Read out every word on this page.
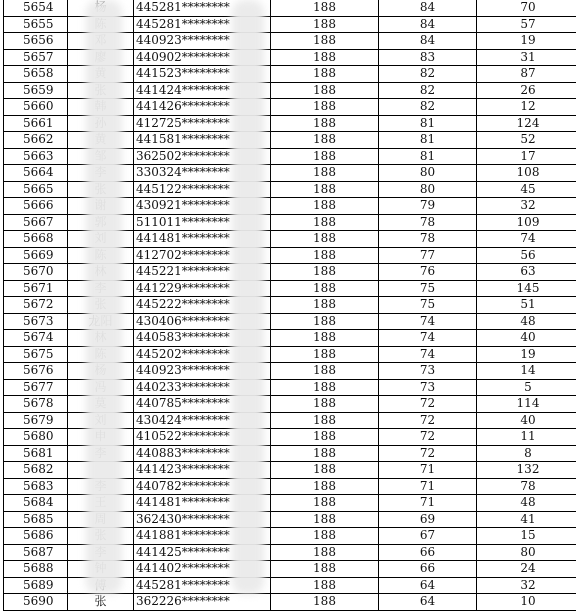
5654		445281********	188	84	70
5655		445281********	188	84	57
5656		440923********	188	84	19
5657		440902********	188	83	31
5658		441523********	188	82	87
5659		441424********	188	82	26
5660		441426********	188	82	12
5661		412725********	188	81	124
5662		441581********	188	81	52
5663		362502********	188	81	17
5664		330324********	188	80	108
5665		445122********	188	80	45
5666		430921********	188	79	32
5667		511011********	188	78	109
5668		441481********	188	78	74
5669		412702********	188	77	56
5670		445221********	188	76	63
5671		441229********	188	75	145
5672		445222********	188	75	51
5673		430406********	188	74	48
5674		440583********	188	74	40
5675		445202********	188	74	19
5676		440923********	188	73	14
5677		440233********	188	73	5
5678		440785********	188	72	114
5679		430424********	188	72	40
5680		410522********	188	72	11
5681		440883********	188	72	8
5682		441423********	188	71	132
5683		440782********	188	71	78
5684		441481********	188	71	48
5685		362430********	188	69	41
5686		441881********	188	67	15
5687		441425********	188	66	80
5688		441402********	188	66	24
5689		445281********	188	64	32
5690	张	362226********	188	64	10
